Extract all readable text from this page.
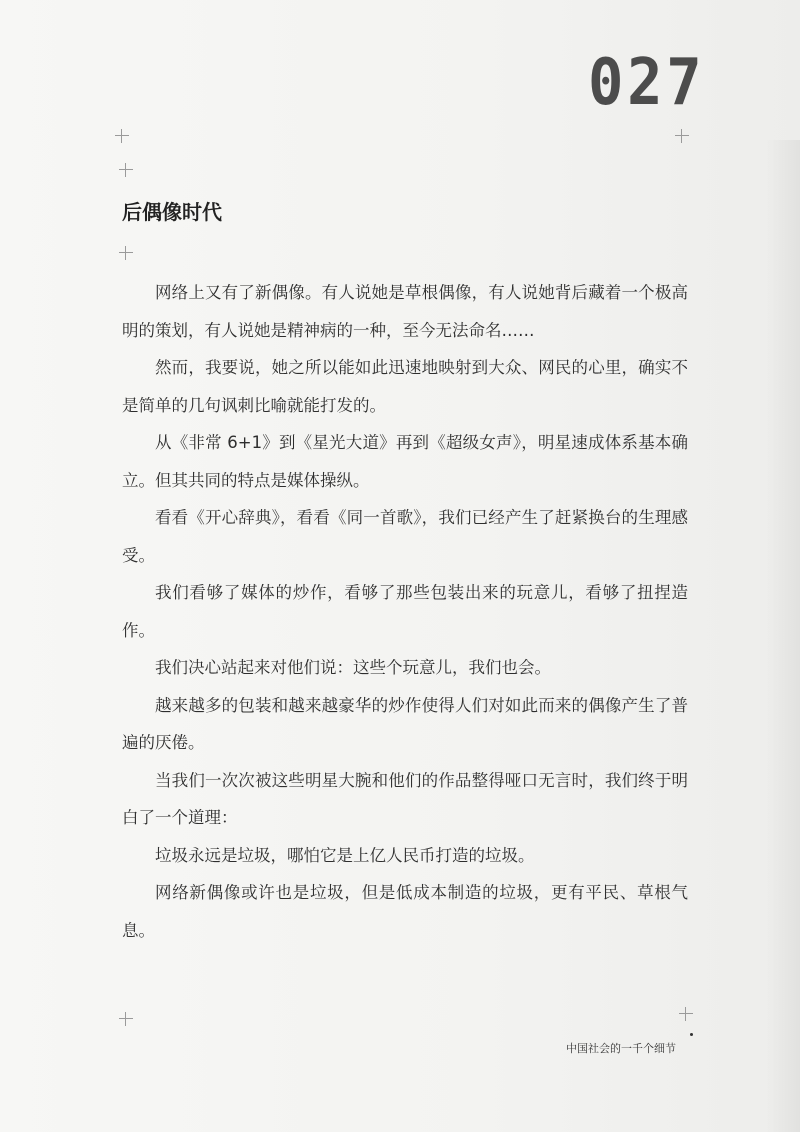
027
后偶像时代

网络上又有了新偶像。有人说她是草根偶像，有人说她背后藏着一个极高明的策划，有人说她是精神病的一种，至今无法命名……

然而，我要说，她之所以能如此迅速地映射到大众、网民的心里，确实不是简单的几句讽刺比喻就能打发的。

从《非常 6+1》到《星光大道》再到《超级女声》，明星速成体系基本确立。但其共同的特点是媒体操纵。

看看《开心辞典》，看看《同一首歌》，我们已经产生了赶紧换台的生理感受。

我们看够了媒体的炒作，看够了那些包装出来的玩意儿，看够了扭捏造作。

我们决心站起来对他们说：这些个玩意儿，我们也会。

越来越多的包装和越来越豪华的炒作使得人们对如此而来的偶像产生了普遍的厌倦。

当我们一次次被这些明星大腕和他们的作品整得哑口无言时，我们终于明白了一个道理：

垃圾永远是垃圾，哪怕它是上亿人民币打造的垃圾。

网络新偶像或许也是垃圾，但是低成本制造的垃圾，更有平民、草根气息。

中国社会的一千个细节
